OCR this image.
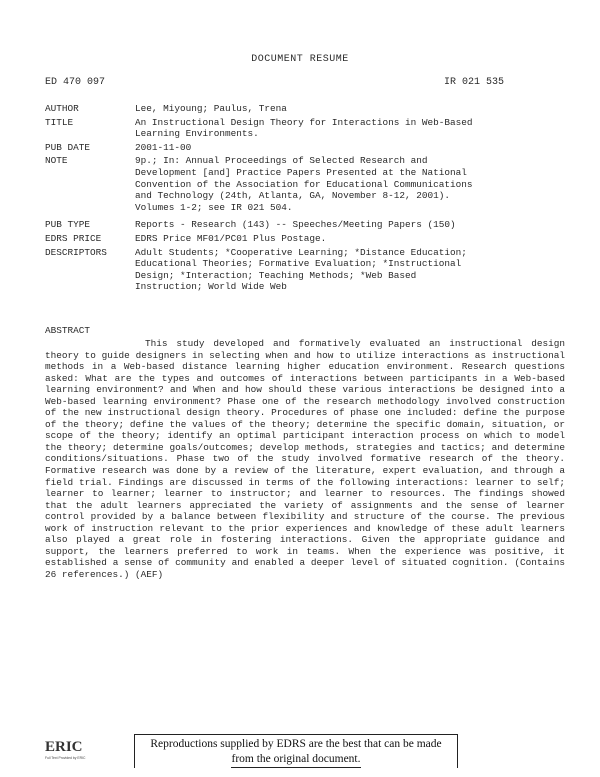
DOCUMENT RESUME
ED 470 097	IR 021 535
AUTHOR	Lee, Miyoung; Paulus, Trena
TITLE	An Instructional Design Theory for Interactions in Web-Based
Learning Environments.
PUB DATE	2001-11-00
NOTE	9p.; In: Annual Proceedings of Selected Research and
Development [and] Practice Papers Presented at the National
Convention of the Association for Educational Communications
and Technology (24th, Atlanta, GA, November 8-12, 2001).
Volumes 1-2; see IR 021 504.
PUB TYPE	Reports - Research (143) -- Speeches/Meeting Papers (150)
EDRS PRICE	EDRS Price MF01/PC01 Plus Postage.
DESCRIPTORS	Adult Students; *Cooperative Learning; *Distance Education;
Educational Theories; Formative Evaluation; *Instructional
Design; *Interaction; Teaching Methods; *Web Based
Instruction; World Wide Web
ABSTRACT
This study developed and formatively evaluated an instructional design theory to guide designers in selecting when and how to utilize interactions as instructional methods in a Web-based distance learning higher education environment. Research questions asked: What are the types and outcomes of interactions between participants in a Web-based learning environment? and When and how should these various interactions be designed into a Web-based learning environment? Phase one of the research methodology involved construction of the new instructional design theory. Procedures of phase one included: define the purpose of the theory; define the values of the theory; determine the specific domain, situation, or scope of the theory; identify an optimal participant interaction process on which to model the theory; determine goals/outcomes; develop methods, strategies and tactics; and determine conditions/situations. Phase two of the study involved formative research of the theory. Formative research was done by a review of the literature, expert evaluation, and through a field trial. Findings are discussed in terms of the following interactions: learner to self; learner to learner; learner to instructor; and learner to resources. The findings showed that the adult learners appreciated the variety of assignments and the sense of learner control provided by a balance between flexibility and structure of the course. The previous work of instruction relevant to the prior experiences and knowledge of these adult learners also played a great role in fostering interactions. Given the appropriate guidance and support, the learners preferred to work in teams. When the experience was positive, it established a sense of community and enabled a deeper level of situated cognition. (Contains 26 references.) (AEF)
ERIC
Full Text Provided by ERIC
Reproductions supplied by EDRS are the best that can be made
from the original document.
